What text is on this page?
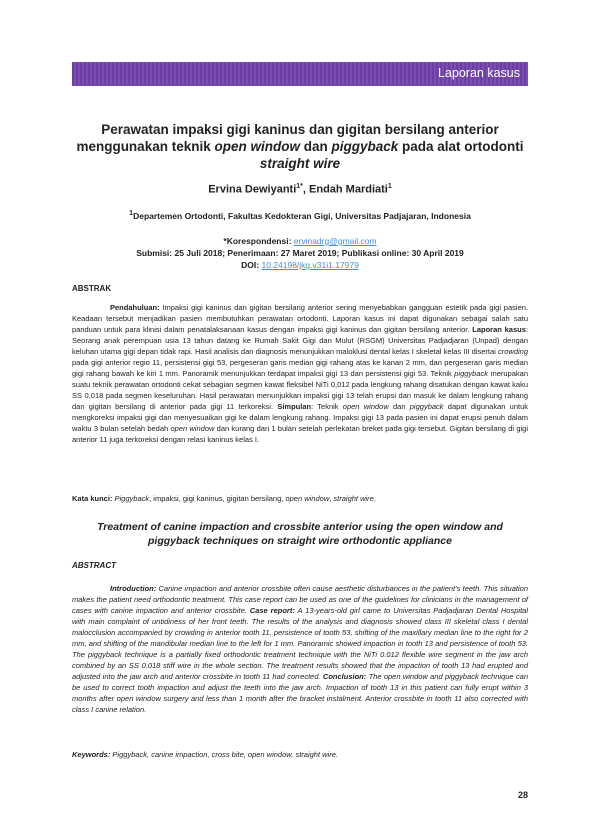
Laporan kasus
Perawatan impaksi gigi kaninus dan gigitan bersilang anterior menggunakan teknik open window dan piggyback pada alat ortodonti straight wire
Ervina Dewiyanti$^{1*}$, Endah Mardiati$^1$
$^1$Departemen Ortodonti, Fakultas Kedokteran Gigi, Universitas Padjajaran, Indonesia
*Korespondensi: ervinadrg@gmail.com
Submisi: 25 Juli 2018; Penerimaan: 27 Maret 2019; Publikasi online: 30 April 2019
DOI: 10.24198/jkg.v31i1.17979
ABSTRAK

Pendahuluan: Impaksi gigi kaninus dan gigitan bersilang anterior sering menyebabkan gangguan estetik pada gigi pasien. Keadaan tersebut menjadikan pasien membutuhkan perawatan ortodonti. Laporan kasus ini dapat digunakan sebagai salah satu panduan untuk para klinisi dalam penatalaksanaan kasus dengan impaksi gigi kaninus dan gigitan bersilang anterior. Laporan kasus: Seorang anak perempuan usia 13 tahun datang ke Rumah Sakit Gigi dan Mulut (RSGM) Universitas Padjadjaran (Unpad) dengan keluhan utama gigi depan tidak rapi. Hasil analisis dan diagnosis menunjukkan maloklusi dental kelas I skeletal kelas III disertai crowding pada gigi anterior regio 11, persistensi gigi 53, pergeseran garis median gigi rahang atas ke kanan 2 mm, dan pergeseran garis median gigi rahang bawah ke kiri 1 mm. Panoramik menunjukkan terdapat impaksi gigi 13 dan persistensi gigi 53. Teknik piggyback merupakan suatu teknik perawatan ortodonti cekat sebagian segmen kawat fleksibel NiTi 0,012 pada lengkung rahang disatukan dengan kawat kaku SS 0,018 pada segmen keseluruhan. Hasil perawatan menunjukkan impaksi gigi 13 telah erupsi dan masuk ke dalam lengkung rahang dan gigitan bersilang di anterior pada gigi 11 terkoreksi. Simpulan: Teknik open window dan piggyback dapat digunakan untuk mengkoreksi impaksi gigi dan menyesuaikan gigi ke dalam lengkung rahang. Impaksi gigi 13 pada pasien ini dapat erupsi penuh dalam waktu 3 bulan setelah bedah open window dan kurang dari 1 bulan setelah perlekatan breket pada gigi tersebut. Gigitan bersilang di gigi anterior 11 juga terkoreksi dengan relasi kaninus kelas I.

Kata kunci: Piggyback, impaksi, gigi kaninus, gigitan bersilang, open window, straight wire.
Treatment of canine impaction and crossbite anterior using the open window and piggyback techniques on straight wire orthodontic appliance
ABSTRACT

Introduction: Canine impaction and anterior crossbite often cause aesthetic disturbances in the patient's teeth. This situation makes the patient need orthodontic treatment. This case report can be used as one of the guidelines for clinicians in the management of cases with canine impaction and anterior crossbite. Case report: A 13-years-old girl came to Universitas Padjadjaran Dental Hospital with main complaint of untidiness of her front teeth. The results of the analysis and diagnosis showed class III skeletal class I dental malocclusion accompanied by crowding in anterior tooth 11, persistence of tooth 53, shifting of the maxillary median line to the right for 2 mm, and shifting of the mandibular median line to the left for 1 mm. Panoramic showed impaction in tooth 13 and persistence of tooth 53. The piggyback technique is a partially fixed orthodontic treatment technique with the NiTi 0.012 flexible wire segment in the jaw arch combined by an SS 0.018 stiff wire in the whole section. The treatment results showed that the impaction of tooth 13 had erupted and adjusted into the jaw arch and anterior crossbite in tooth 11 had corrected. Conclusion: The open window and piggyback technique can be used to correct tooth impaction and adjust the teeth into the jaw arch. Impaction of tooth 13 in this patient can fully erupt within 3 months after open window surgery and less than 1 month after the bracket instalment. Anterior crossbite in tooth 11 also corrected with class I canine relation.

Keywords: Piggyback, canine impaction, cross bite, open window, straight wire.
28
